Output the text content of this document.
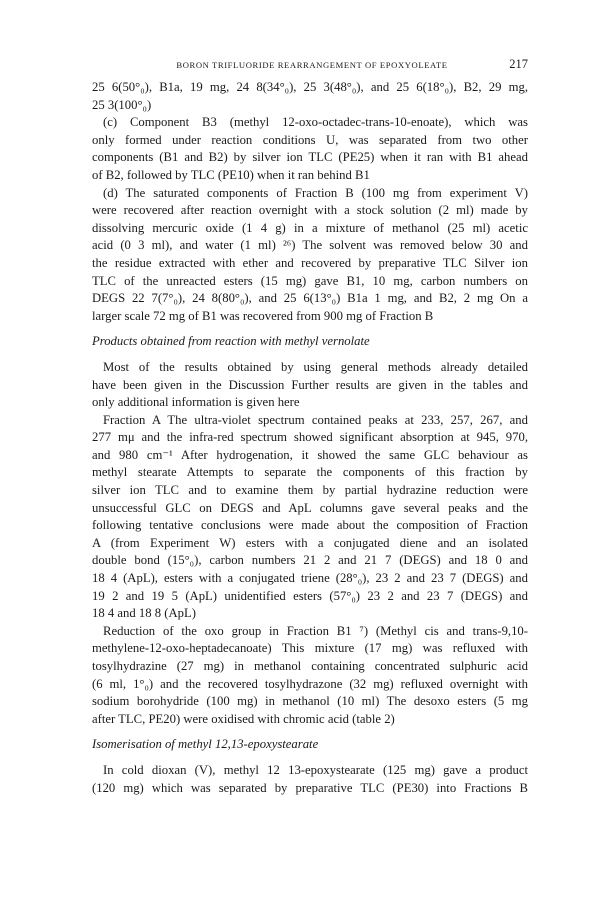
BORON TRIFLUORIDE REARRANGEMENT OF EPOXYOLEATE	217
25 6(50°₀), B1a, 19 mg, 24 8(34°₀), 25 3(48°₀), and 25 6(18°₀), B2, 29 mg,
25 3(100°₀)
(c) Component B3 (methyl 12-oxo-octadec-trans-10-enoate), which was
only formed under reaction conditions U, was separated from two other
components (B1 and B2) by silver ion TLC (PE25) when it ran with B1 ahead
of B2, followed by TLC (PE10) when it ran behind B1
(d) The saturated components of Fraction B (100 mg from experiment V)
were recovered after reaction overnight with a stock solution (2 ml) made by
dissolving mercuric oxide (1 4 g) in a mixture of methanol (25 ml) acetic
acid (0 3 ml), and water (1 ml) ²⁶) The solvent was removed below 30 and
the residue extracted with ether and recovered by preparative TLC Silver ion
TLC of the unreacted esters (15 mg) gave B1, 10 mg, carbon numbers on
DEGS 22 7(7°₀), 24 8(80°₀), and 25 6(13°₀) B1a 1 mg, and B2, 2 mg On a
larger scale 72 mg of B1 was recovered from 900 mg of Fraction B
Products obtained from reaction with methyl vernolate
Most of the results obtained by using general methods already detailed
have been given in the Discussion Further results are given in the tables and
only additional information is given here
Fraction A The ultra-violet spectrum contained peaks at 233, 257, 267, and
277 mμ and the infra-red spectrum showed significant absorption at 945, 970,
and 980 cm⁻¹ After hydrogenation, it showed the same GLC behaviour as
methyl stearate Attempts to separate the components of this fraction by
silver ion TLC and to examine them by partial hydrazine reduction were
unsuccessful GLC on DEGS and ApL columns gave several peaks and the
following tentative conclusions were made about the composition of Fraction
A (from Experiment W) esters with a conjugated diene and an isolated
double bond (15°₀), carbon numbers 21 2 and 21 7 (DEGS) and 18 0 and
18 4 (ApL), esters with a conjugated triene (28°₀), 23 2 and 23 7 (DEGS) and
19 2 and 19 5 (ApL) unidentified esters (57°₀) 23 2 and 23 7 (DEGS) and
18 4 and 18 8 (ApL)
Reduction of the oxo group in Fraction B1 ⁷) (Methyl cis and trans-9,10-
methylene-12-oxo-heptadecanoate) This mixture (17 mg) was refluxed with
tosylhydrazine (27 mg) in methanol containing concentrated sulphuric acid
(6 ml, 1°₀) and the recovered tosylhydrazone (32 mg) refluxed overnight with
sodium borohydride (100 mg) in methanol (10 ml) The desoxo esters (5 mg
after TLC, PE20) were oxidised with chromic acid (table 2)
Isomerisation of methyl 12,13-epoxystearate
In cold dioxan (V), methyl 12 13-epoxystearate (125 mg) gave a product
(120 mg) which was separated by preparative TLC (PE30) into Fractions B
